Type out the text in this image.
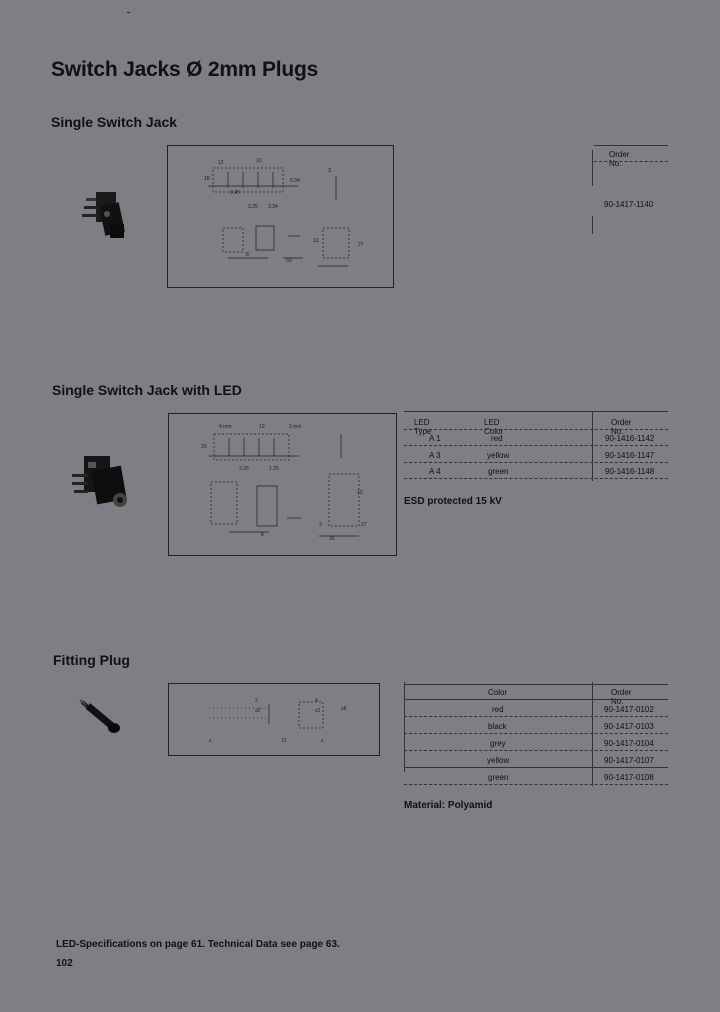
Switch Jacks Ø 2mm Plugs
Single Switch Jack
12	10
18	5.34
0.45
3.34
3.25
3
13
27
8
50
Order No.
90-1417-1140
Single Switch Jack with LED
4 mm	10	3 mm
20
3.25	1.25
13
27
3
26
8
LED Type
LED Color
Order No.
A 1	red	90-1416-1142
A 3	yellow	90-1416-1147
A 4	green	90-1416-1148
ESD protected 15 kV
Fitting Plug
2
x2
4
x2	x8
x	12	x
Color	Order No.
red	90-1417-0102
black	90-1417-0103
grey	90-1417-0104
yellow	90-1417-0107
green	90-1417-0108
Material: Polyamid
LED-Specifications on page 61. Technical Data see page 63.
102
